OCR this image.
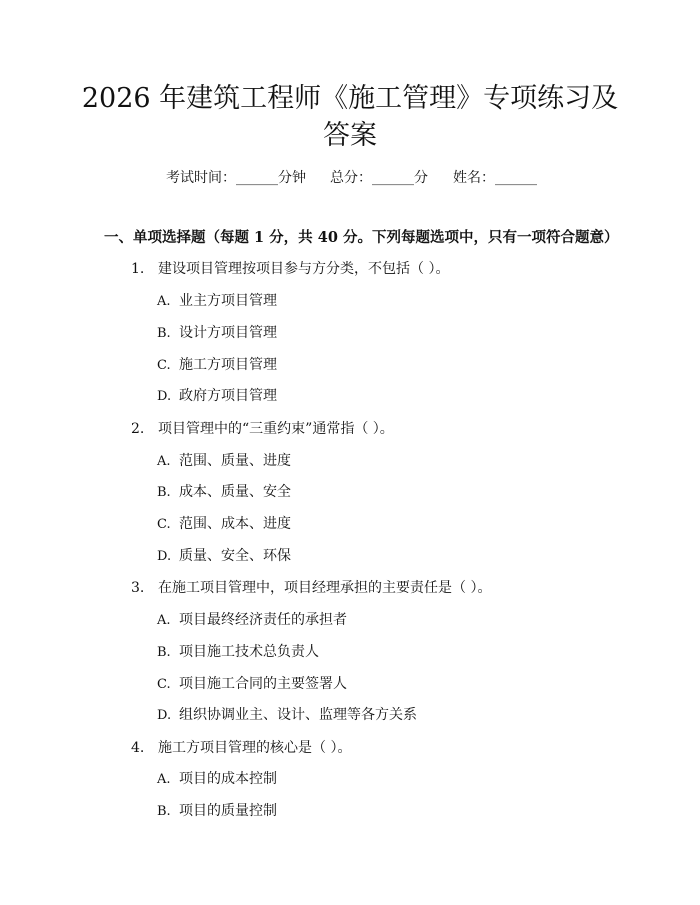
2026 年建筑工程师《施工管理》专项练习及
答案
考试时间：______分钟 总分：______分 姓名：______
一、单项选择题（每题 1 分，共 40 分。下列每题选项中，只有一项符合题意）
1. 建设项目管理按项目参与方分类，不包括（ ）。
A. 业主方项目管理
B. 设计方项目管理
C. 施工方项目管理
D. 政府方项目管理
2. 项目管理中的“三重约束”通常指（ ）。
A. 范围、质量、进度
B. 成本、质量、安全
C. 范围、成本、进度
D. 质量、安全、环保
3. 在施工项目管理中，项目经理承担的主要责任是（ ）。
A. 项目最终经济责任的承担者
B. 项目施工技术总负责人
C. 项目施工合同的主要签署人
D. 组织协调业主、设计、监理等各方关系
4. 施工方项目管理的核心是（ ）。
A. 项目的成本控制
B. 项目的质量控制
